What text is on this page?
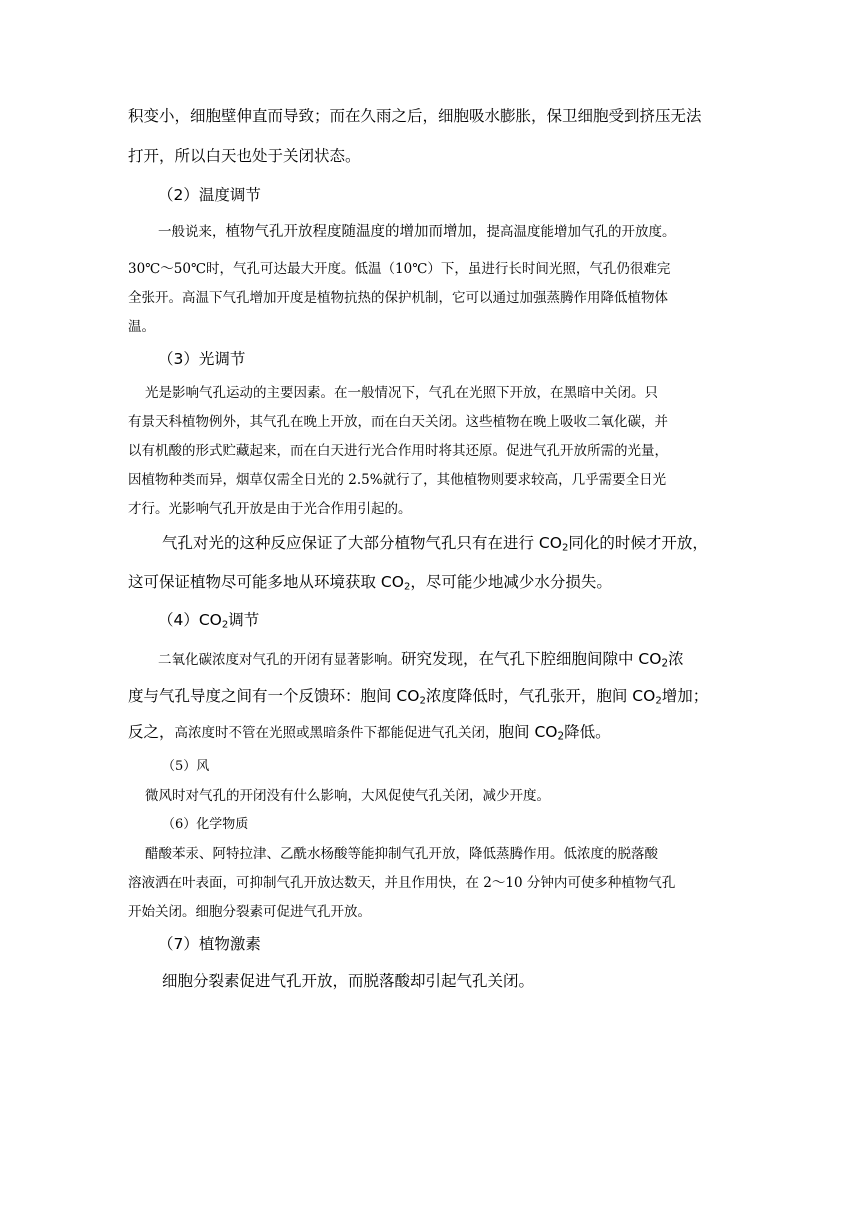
积变小，细胞壁伸直而导致；而在久雨之后，细胞吸水膨胀，保卫细胞受到挤压无法
打开，所以白天也处于关闭状态。
（2）温度调节
一般说来，植物气孔开放程度随温度的增加而增加，提高温度能增加气孔的开放度。
30℃～50℃时，气孔可达最大开度。低温（10℃）下，虽进行长时间光照，气孔仍很难完
全张开。高温下气孔增加开度是植物抗热的保护机制，它可以通过加强蒸腾作用降低植物体
温。
（3）光调节
光是影响气孔运动的主要因素。在一般情况下，气孔在光照下开放，在黑暗中关闭。只
有景天科植物例外，其气孔在晚上开放，而在白天关闭。这些植物在晚上吸收二氧化碳，并
以有机酸的形式贮藏起来，而在白天进行光合作用时将其还原。促进气孔开放所需的光量，
因植物种类而异，烟草仅需全日光的 2.5%就行了，其他植物则要求较高，几乎需要全日光
才行。光影响气孔开放是由于光合作用引起的。
气孔对光的这种反应保证了大部分植物气孔只有在进行 $CO_2$同化的时候才开放，
这可保证植物尽可能多地从环境获取 $CO_2$，尽可能少地减少水分损失。
$(4)CO_2$调节
二氧化碳浓度对气孔的开闭有显著影响。研究发现，在气孔下腔细胞间隙中 $CO_2$浓
度与气孔导度之间有一个反馈环：胞间 $CO_2$浓度降低时，气孔张开，胞间 $CO_2$增加；
反之，高浓度时不管在光照或黑暗条件下都能促进气孔关闭，胞间 $CO_2$降低。
（5）风
微风时对气孔的开闭没有什么影响，大风促使气孔关闭，减少开度。
（6）化学物质
醋酸苯汞、阿特拉津、乙酰水杨酸等能抑制气孔开放，降低蒸腾作用。低浓度的脱落酸
溶液洒在叶表面，可抑制气孔开放达数天，并且作用快，在 2～10 分钟内可使多种植物气孔
开始关闭。细胞分裂素可促进气孔开放。
（7）植物激素
细胞分裂素促进气孔开放，而脱落酸却引起气孔关闭。
